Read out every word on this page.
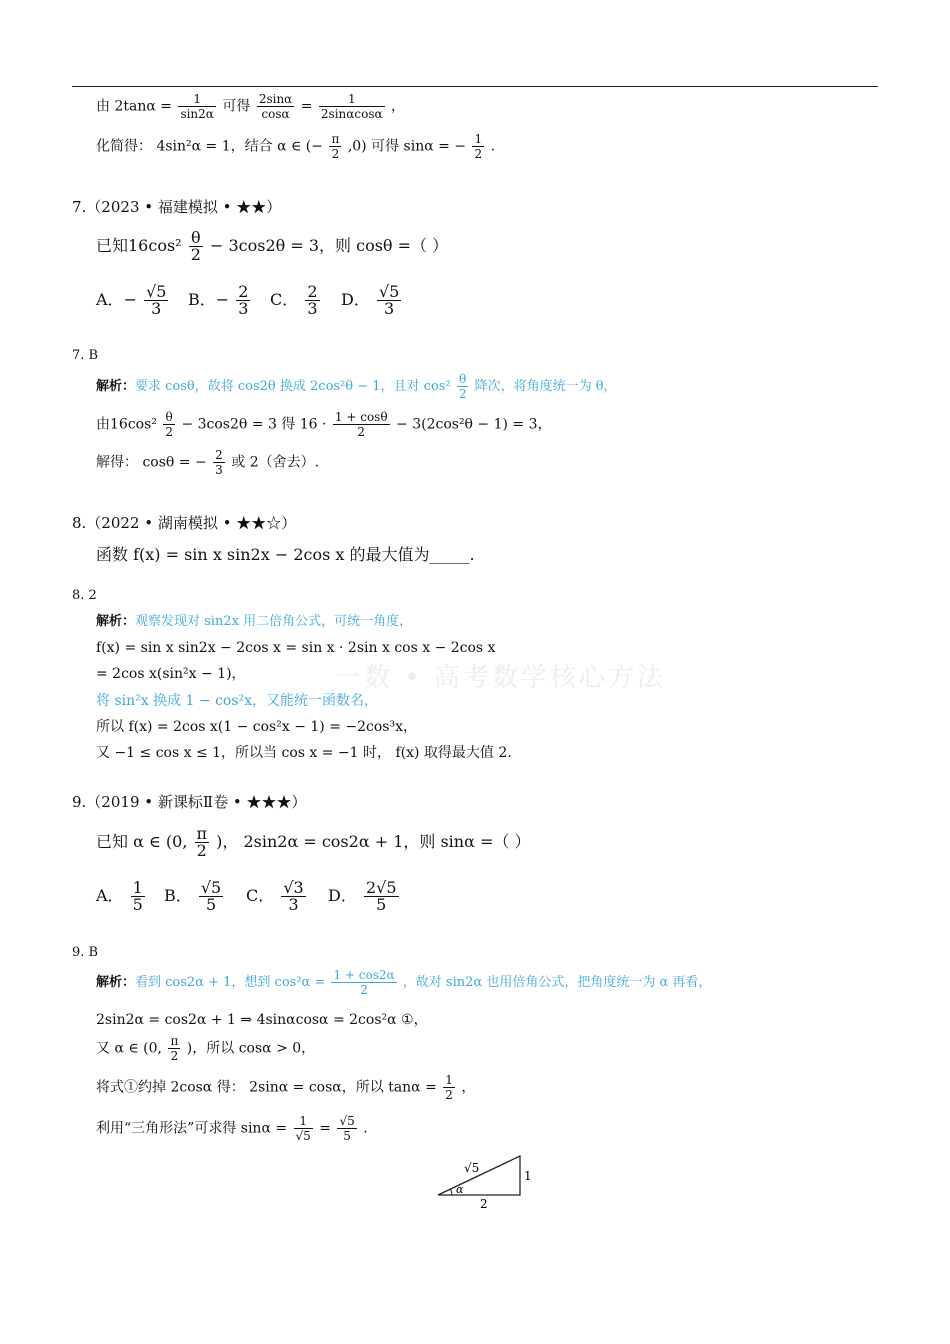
由 $2\tan\alpha = \frac{1}{\sin 2\alpha}$ 可得 $\frac{2\sin\alpha}{\cos\alpha} = \frac{1}{2\sin\alpha\cos\alpha}$ ，
化简得： 4sin²α = 1，结合 α ∈ (− $\frac{\pi}{2} ,0$) 可得 sinα = − $\frac{1}{2}$ .
7.（2023 • 福建模拟 • ★★）
已知$16\cos^2 \frac{\theta}{2} - 3\cos 2\theta = 3$，则 cosθ =（ ）
A．− $\frac{√5}{3}$ B．− $\frac{2}{3}$ C． $\frac{2}{3}$ D． $\frac{√5}{3}$
7. B
解析：要求 cosθ，故将 cos2θ 换成 2cos²θ − 1，且对 $\cos^2 \frac{\theta}{2}$ 降次，将角度统一为 θ，
由$16\cos^2 \frac{\theta}{2} - 3\cos 2\theta = 3$ 得 $16 \cdot \frac{1 + \cos\theta}{2} - 3(2\cos^2\theta - 1) = 3$，
解得： cosθ = − $\frac{2}{3}$ 或 2（舍去）.
8.（2022 • 湖南模拟 • ★★☆）
函数 f(x) = sin x sin2x − 2cos x 的最大值为_____.
8. 2
解析：观察发现对 sin2x 用二倍角公式，可统一角度，
f(x) = sin x sin2x − 2cos x = sin x · 2sin x cos x − 2cos x
= 2cos x(sin²x − 1)，	一数 • 高考数学核心方法
将 sin²x 换成 1 − cos²x，又能统一函数名，
所以 f(x) = 2cos x(1 − cos²x − 1) = −2cos³x，
又 −1 ≤ cos x ≤ 1，所以当 cos x = −1 时， f(x) 取得最大值 2.
9.（2019 • 新课标Ⅱ卷 • ★★★）
已知 α ∈ (0, $\frac{\pi}{2}$ )， 2sin2α = cos2α + 1，则 sinα =（ ）
A． $\frac{1}{5}$ B． $\frac{√5}{5}$ C． $\frac{√3}{3}$ D． $\frac{2√5}{5}$
9. B
解析：看到 cos2α + 1，想到 $\cos^2\alpha = \frac{1 + \cos 2\alpha}{2}$ ，故对 sin2α 也用倍角公式，把角度统一为 α 再看，
2sin2α = cos2α + 1 ⇒ 4sinαcosα = 2cos²α ①，
又 α ∈ (0, $\frac{\pi}{2}$ )，所以 cosα > 0，
将式①约掉 2cosα 得： 2sinα = cosα，所以 $\tan\alpha = \frac{1}{2}$ ，
利用“三角形法”可求得 $\sin\alpha = \frac{1}{√5} = \frac{√5}{5}$ .
√5
1
2
α
